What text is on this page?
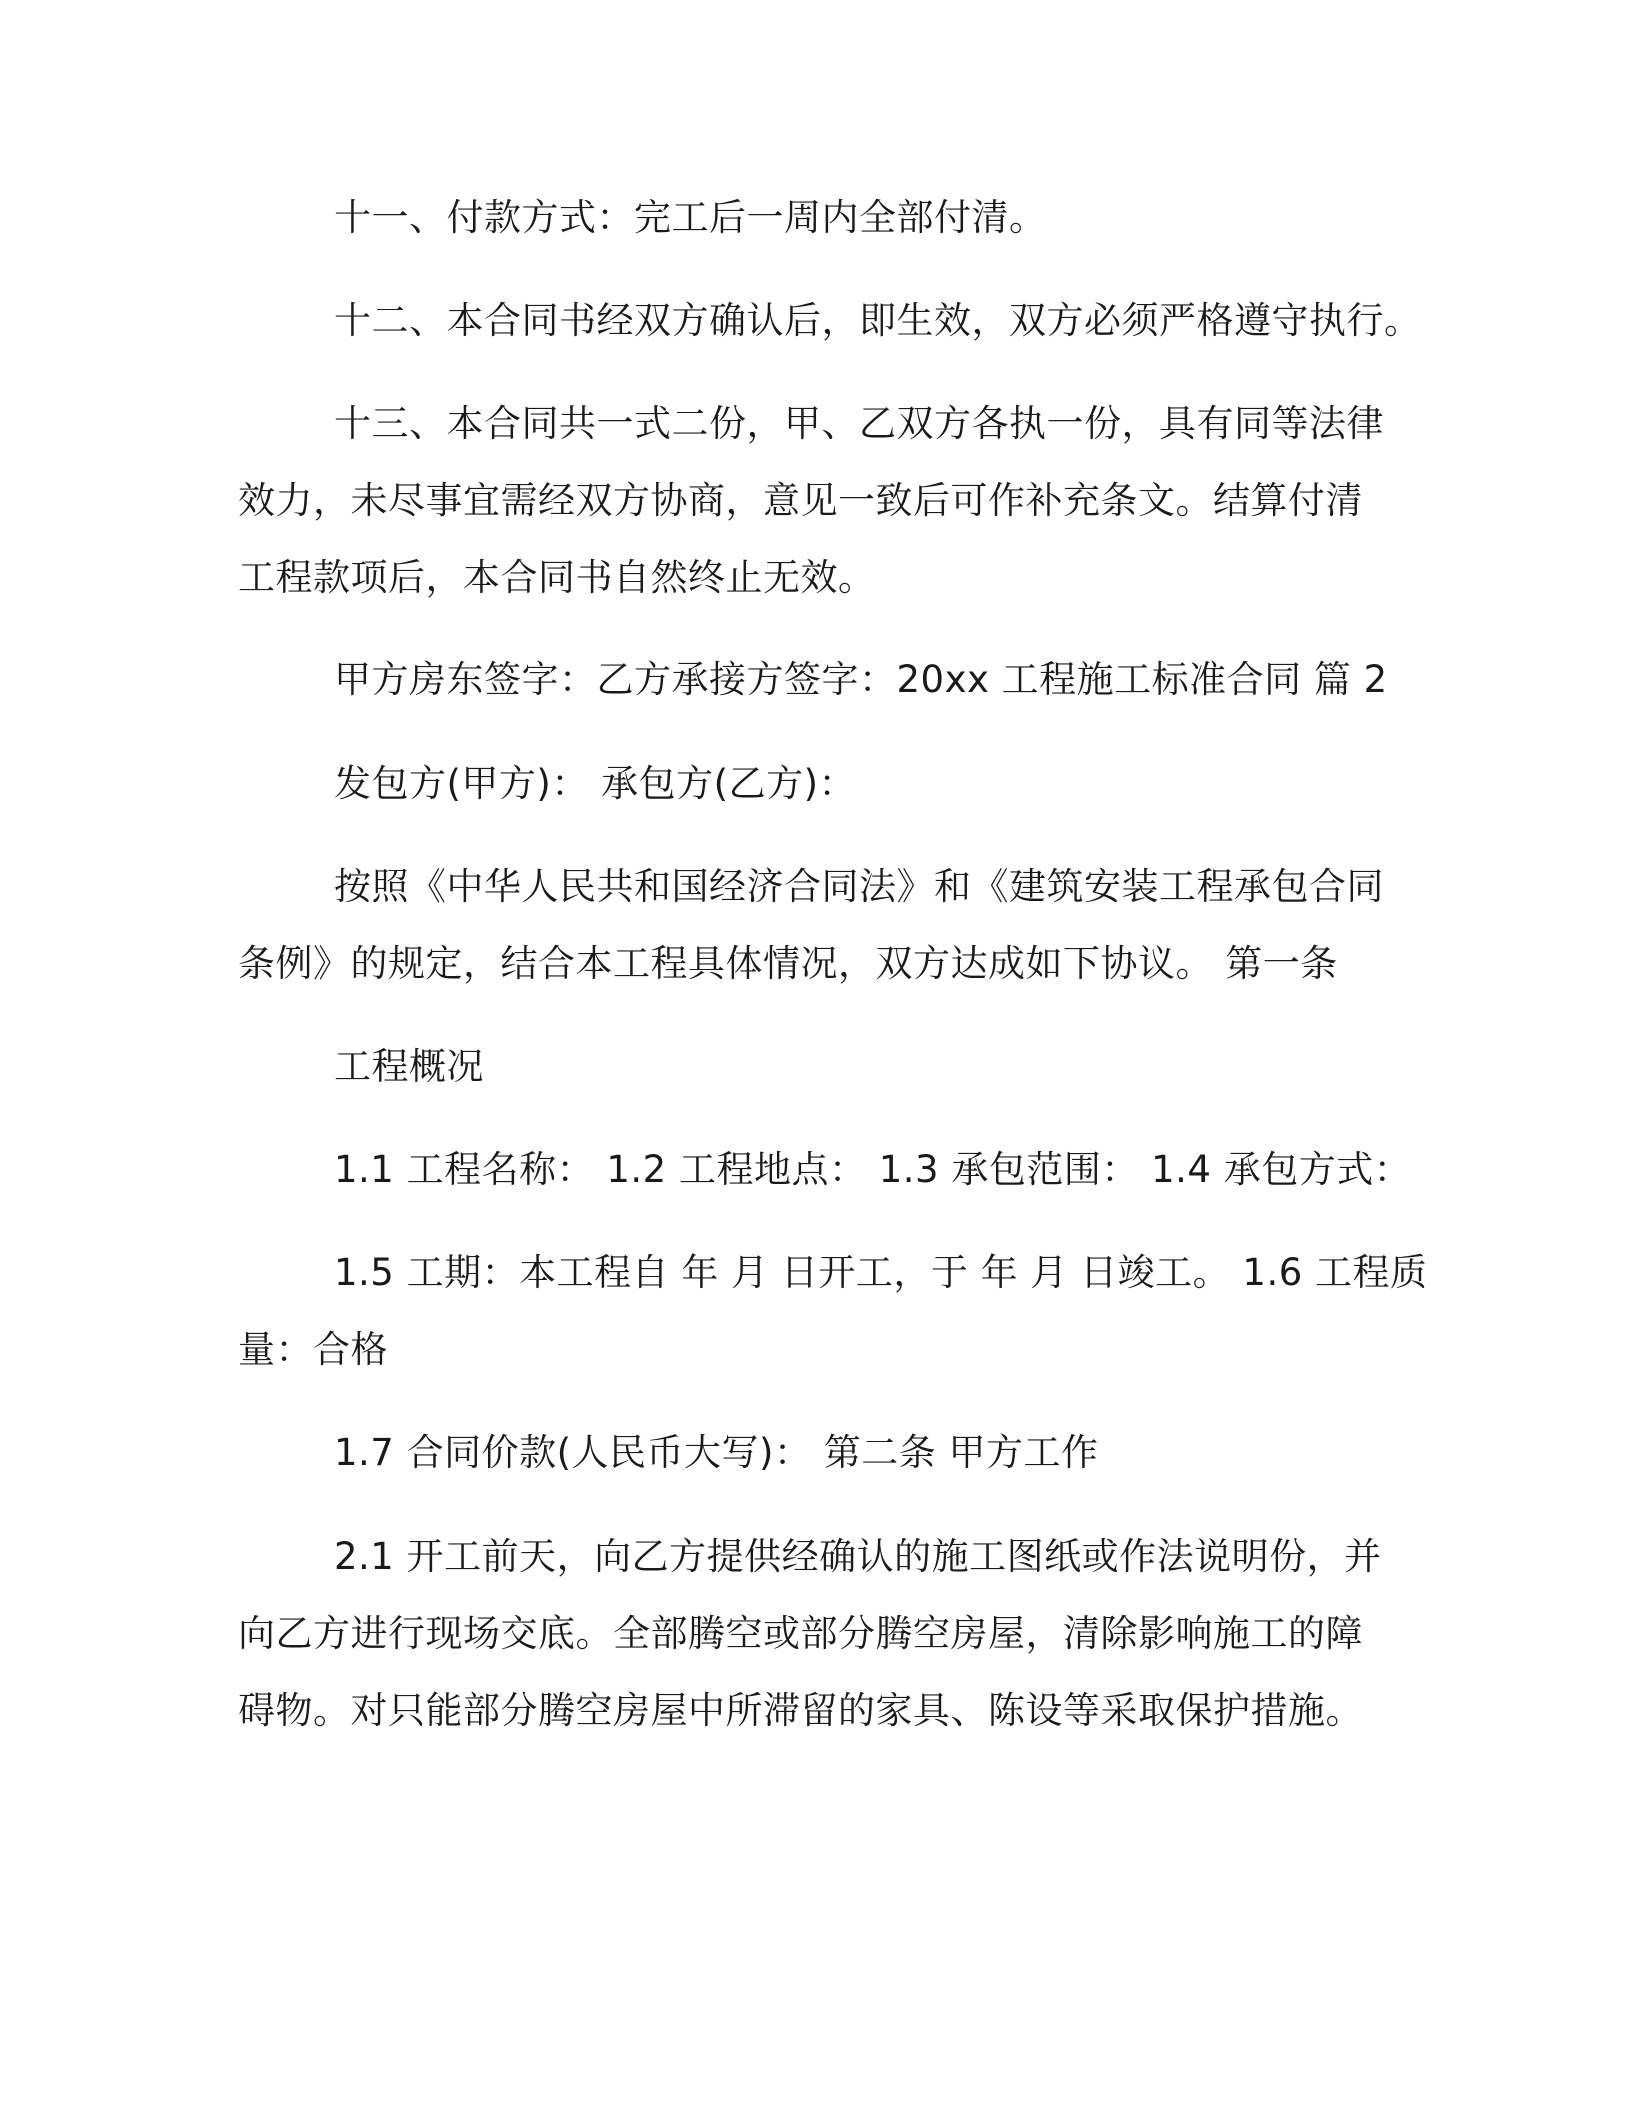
十一、付款方式：完工后一周内全部付清。

十二、本合同书经双方确认后，即生效，双方必须严格遵守执行。

十三、本合同共一式二份，甲、乙双方各执一份，具有同等法律

效力，未尽事宜需经双方协商，意见一致后可作补充条文。结算付清

工程款项后，本合同书自然终止无效。

甲方房东签字：乙方承接方签字：20xx 工程施工标准合同 篇 2

发包方(甲方)： 承包方(乙方)：

按照《中华人民共和国经济合同法》和《建筑安装工程承包合同

条例》的规定，结合本工程具体情况，双方达成如下协议。 第一条

工程概况

1.1 工程名称： 1.2 工程地点： 1.3 承包范围： 1.4 承包方式：

1.5 工期：本工程自 年 月 日开工，于 年 月 日竣工。 1.6 工程质

量：合格

1.7 合同价款(人民币大写)： 第二条 甲方工作

2.1 开工前天，向乙方提供经确认的施工图纸或作法说明份，并

向乙方进行现场交底。全部腾空或部分腾空房屋，清除影响施工的障

碍物。对只能部分腾空房屋中所滞留的家具、陈设等采取保护措施。
